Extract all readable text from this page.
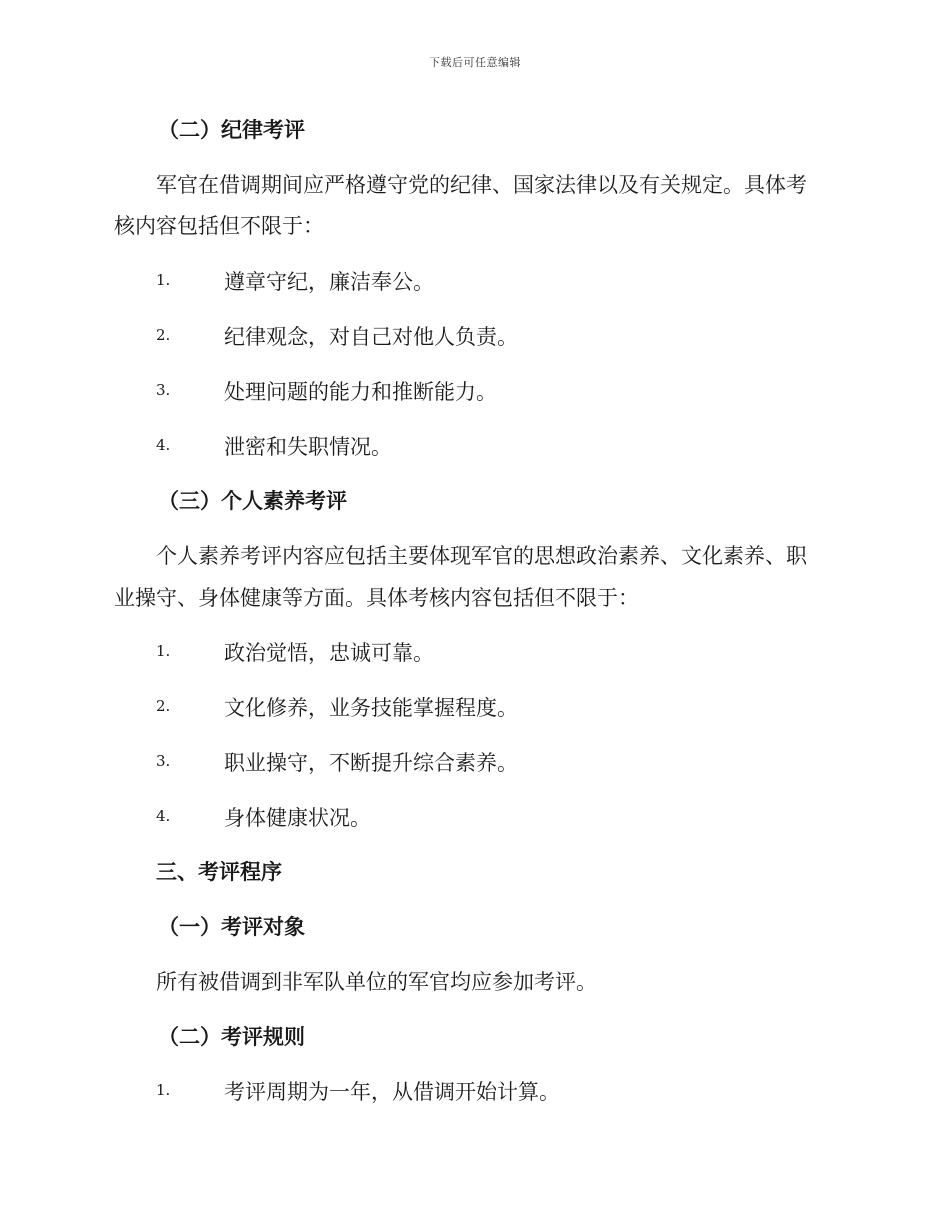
下载后可任意编辑
（二）纪律考评
军官在借调期间应严格遵守党的纪律、国家法律以及有关规定。具体考
核内容包括但不限于：
1.	遵章守纪，廉洁奉公。
2.	纪律观念，对自己对他人负责。
3.	处理问题的能力和推断能力。
4.	泄密和失职情况。
（三）个人素养考评
个人素养考评内容应包括主要体现军官的思想政治素养、文化素养、职
业操守、身体健康等方面。具体考核内容包括但不限于：
1.	政治觉悟，忠诚可靠。
2.	文化修养，业务技能掌握程度。
3.	职业操守，不断提升综合素养。
4.	身体健康状况。
三、考评程序
（一）考评对象
所有被借调到非军队单位的军官均应参加考评。
（二）考评规则
1.	考评周期为一年，从借调开始计算。
